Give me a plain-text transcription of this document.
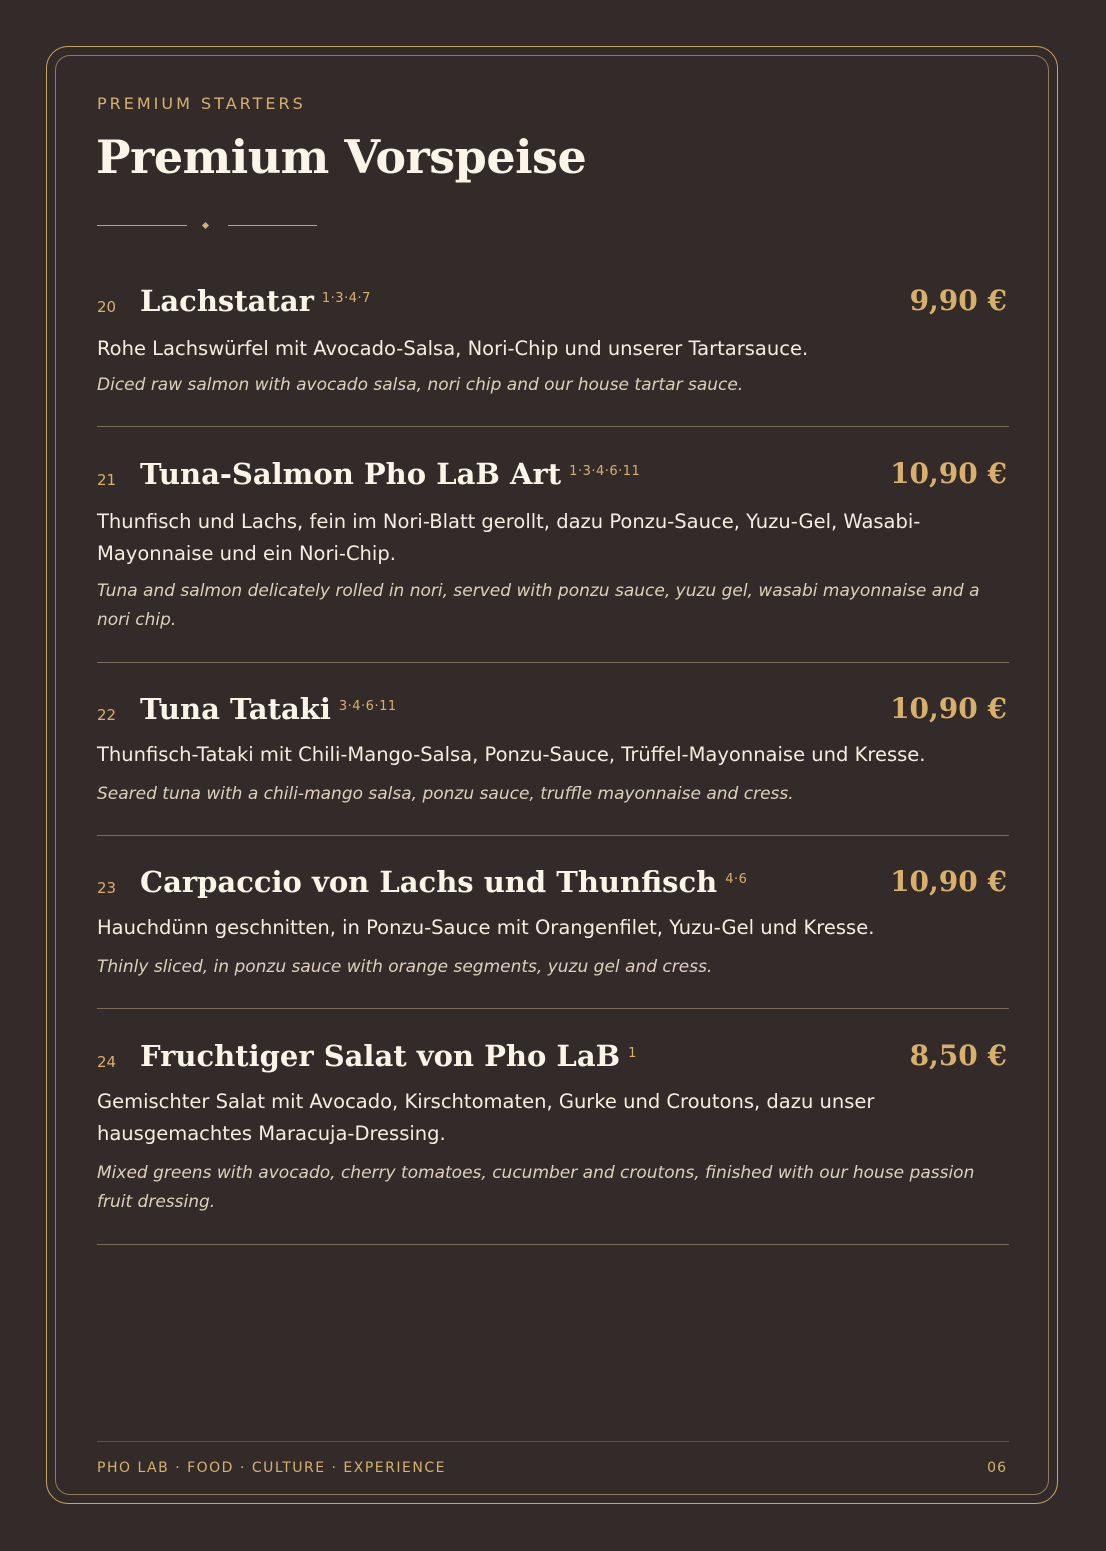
PREMIUM STARTERS
Premium Vorspeise
20 Lachstatar $^{1\cdot 3\cdot 4\cdot 7}$	9,90 €
Rohe Lachswürfel mit Avocado-Salsa, Nori-Chip und unserer Tartarsauce.
Diced raw salmon with avocado salsa, nori chip and our house tartar sauce.
21 Tuna-Salmon Pho LaB Art $^{1\cdot 3\cdot 4\cdot 6\cdot 11}$	10,90 €
Thunfisch und Lachs, fein im Nori-Blatt gerollt, dazu Ponzu-Sauce, Yuzu-Gel, Wasabi-Mayonnaise und ein Nori-Chip.
Tuna and salmon delicately rolled in nori, served with ponzu sauce, yuzu gel, wasabi mayonnaise and a nori chip.
22 Tuna Tataki $^{3\cdot 4\cdot 6\cdot 11}$	10,90 €
Thunfisch-Tataki mit Chili-Mango-Salsa, Ponzu-Sauce, Trüffel-Mayonnaise und Kresse.
Seared tuna with a chili-mango salsa, ponzu sauce, truffle mayonnaise and cress.
23 Carpaccio von Lachs und Thunfisch $^{4\cdot 6}$	10,90 €
Hauchdünn geschnitten, in Ponzu-Sauce mit Orangenfilet, Yuzu-Gel und Kresse.
Thinly sliced, in ponzu sauce with orange segments, yuzu gel and cress.
24 Fruchtiger Salat von Pho LaB $^1$	8,50 €
Gemischter Salat mit Avocado, Kirschtomaten, Gurke und Croutons, dazu unser hausgemachtes Maracuja-Dressing.
Mixed greens with avocado, cherry tomatoes, cucumber and croutons, finished with our house passion fruit dressing.
PHO LAB · FOOD · CULTURE · EXPERIENCE	06
